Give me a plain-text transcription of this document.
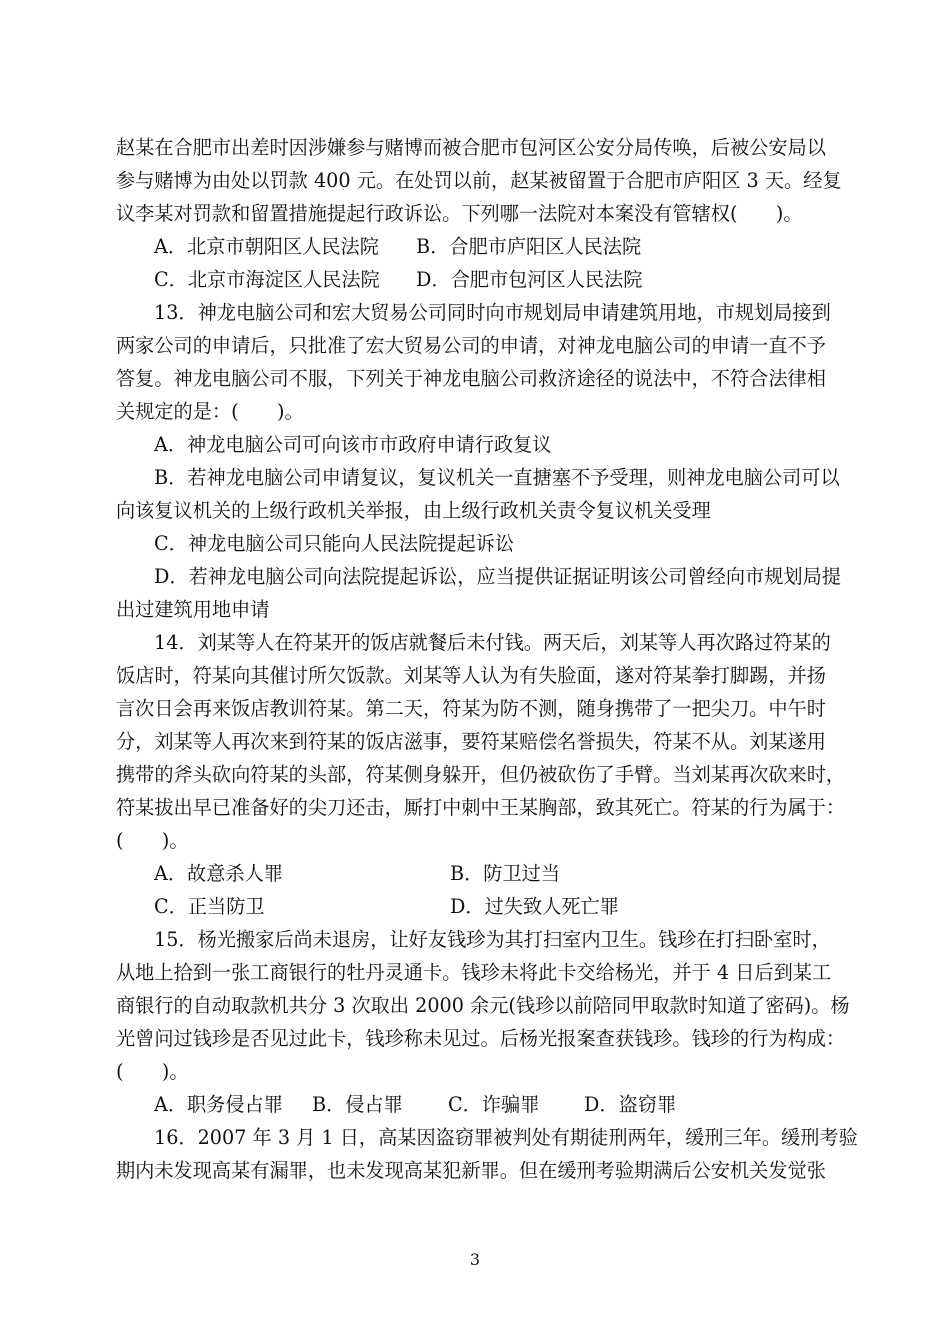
赵某在合肥市出差时因涉嫌参与赌博而被合肥市包河区公安分局传唤，后被公安局以
参与赌博为由处以罚款 400 元。在处罚以前，赵某被留置于合肥市庐阳区 3 天。经复
议李某对罚款和留置措施提起行政诉讼。下列哪一法院对本案没有管辖权(　　)。
A．北京市朝阳区人民法院	B．合肥市庐阳区人民法院
C．北京市海淀区人民法院	D．合肥市包河区人民法院
13．神龙电脑公司和宏大贸易公司同时向市规划局申请建筑用地，市规划局接到
两家公司的申请后，只批准了宏大贸易公司的申请，对神龙电脑公司的申请一直不予
答复。神龙电脑公司不服，下列关于神龙电脑公司救济途径的说法中，不符合法律相
关规定的是：(　　)。
A．神龙电脑公司可向该市市政府申请行政复议
B．若神龙电脑公司申请复议，复议机关一直搪塞不予受理，则神龙电脑公司可以
向该复议机关的上级行政机关举报，由上级行政机关责令复议机关受理
C．神龙电脑公司只能向人民法院提起诉讼
D．若神龙电脑公司向法院提起诉讼，应当提供证据证明该公司曾经向市规划局提
出过建筑用地申请
14．刘某等人在符某开的饭店就餐后未付钱。两天后，刘某等人再次路过符某的
饭店时，符某向其催讨所欠饭款。刘某等人认为有失脸面，遂对符某拳打脚踢，并扬
言次日会再来饭店教训符某。第二天，符某为防不测，随身携带了一把尖刀。中午时
分，刘某等人再次来到符某的饭店滋事，要符某赔偿名誉损失，符某不从。刘某遂用
携带的斧头砍向符某的头部，符某侧身躲开，但仍被砍伤了手臂。当刘某再次砍来时，
符某拔出早已准备好的尖刀还击，厮打中刺中王某胸部，致其死亡。符某的行为属于：
(　　)。
A．故意杀人罪	B．防卫过当
C．正当防卫	D．过失致人死亡罪
15．杨光搬家后尚未退房，让好友钱珍为其打扫室内卫生。钱珍在打扫卧室时，
从地上拾到一张工商银行的牡丹灵通卡。钱珍未将此卡交给杨光，并于 4 日后到某工
商银行的自动取款机共分 3 次取出 2000 余元(钱珍以前陪同甲取款时知道了密码)。杨
光曾问过钱珍是否见过此卡，钱珍称未见过。后杨光报案查获钱珍。钱珍的行为构成：
(　　)。
A．职务侵占罪	B．侵占罪	C．诈骗罪	D．盗窃罪
16．2007 年 3 月 1 日，高某因盗窃罪被判处有期徒刑两年，缓刑三年。缓刑考验
期内未发现高某有漏罪，也未发现高某犯新罪。但在缓刑考验期满后公安机关发觉张
3
